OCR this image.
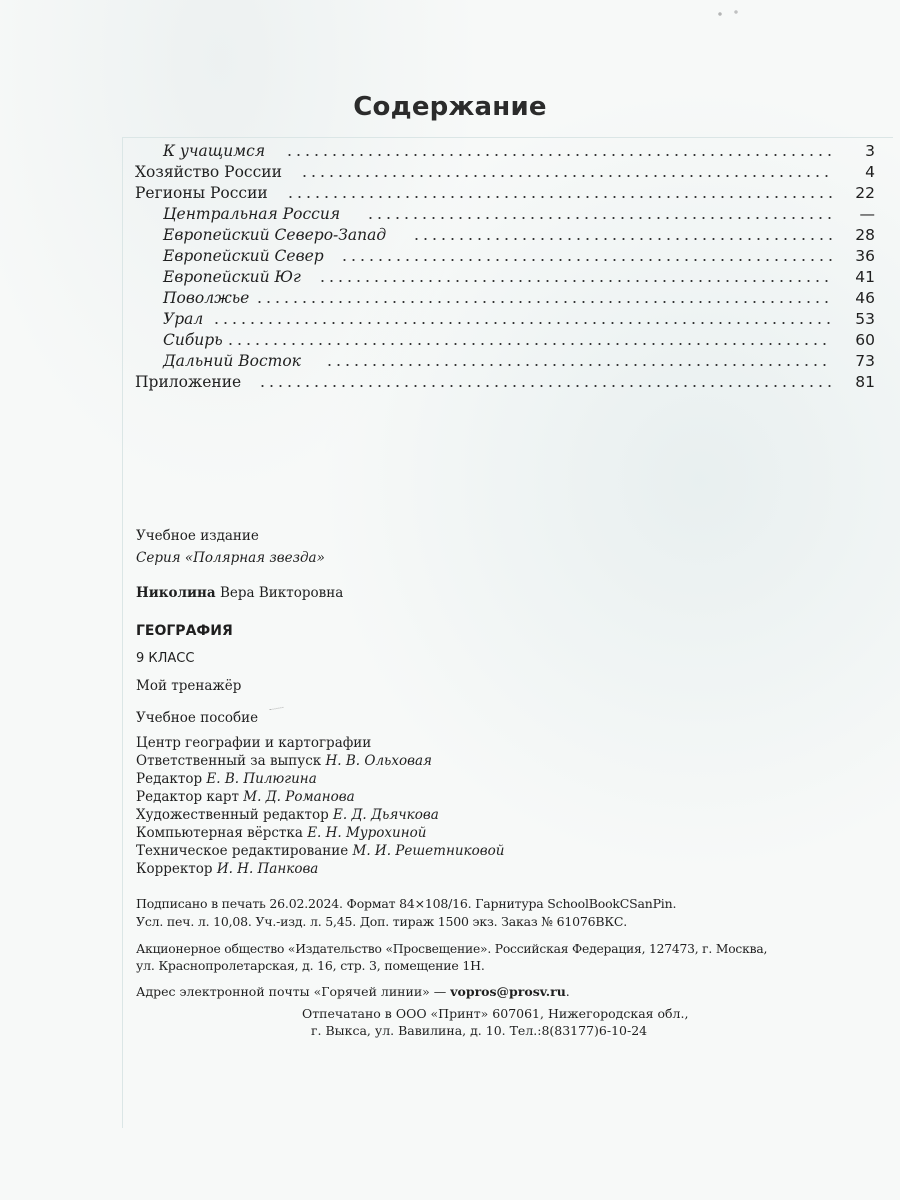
Содержание
К учащимся	3
Хозяйство России	4
Регионы России	22
Центральная Россия	—
Европейский Северо-Запад	28
Европейский Север	36
Европейский Юг	41
Поволжье	46
Урал	53
Сибирь	60
Дальний Восток	73
Приложение	81
Учебное издание
Серия «Полярная звезда»
Николина Вера Викторовна
ГЕОГРАФИЯ
9 КЛАСС
Мой тренажёр
Учебное пособие
Центр географии и картографии
Ответственный за выпуск Н. В. Ольховая
Редактор Е. В. Пилюгина
Редактор карт М. Д. Романова
Художественный редактор Е. Д. Дьячкова
Компьютерная вёрстка Е. Н. Мурохиной
Техническое редактирование М. И. Решетниковой
Корректор И. Н. Панкова
Подписано в печать 26.02.2024. Формат 84×108/16. Гарнитура SchoolBookCSanPin.
Усл. печ. л. 10,08. Уч.-изд. л. 5,45. Доп. тираж 1500 экз. Заказ № 61076ВКС.
Акционерное общество «Издательство «Просвещение». Российская Федерация, 127473, г. Москва,
ул. Краснопролетарская, д. 16, стр. 3, помещение 1Н.
Адрес электронной почты «Горячей линии» — vopros@prosv.ru.
Отпечатано в ООО «Принт» 607061, Нижегородская обл.,
г. Выкса, ул. Вавилина, д. 10. Тел.:8(83177)6-10-24
